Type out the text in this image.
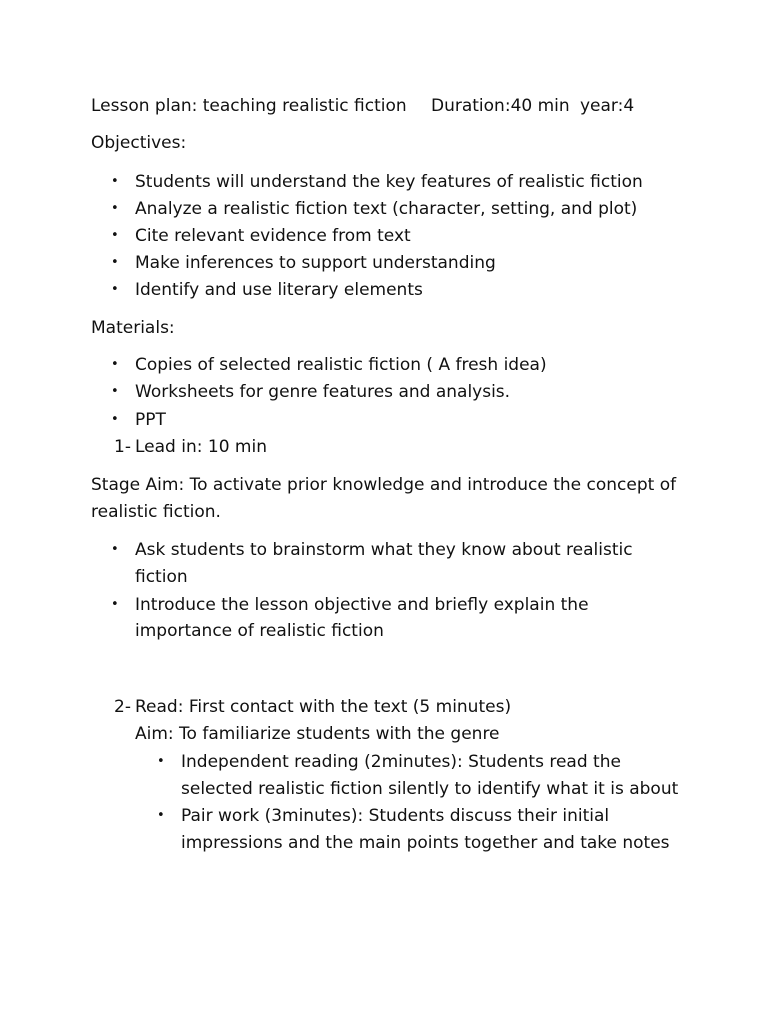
Lesson plan: teaching realistic fiction Duration:40 min year:4
Objectives:
• Students will understand the key features of realistic fiction
• Analyze a realistic fiction text (character, setting, and plot)
• Cite relevant evidence from text
• Make inferences to support understanding
• Identify and use literary elements
Materials:
• Copies of selected realistic fiction ( A fresh idea)
• Worksheets for genre features and analysis.
• PPT
1- Lead in: 10 min
Stage Aim: To activate prior knowledge and introduce the concept of
realistic fiction.
• Ask students to brainstorm what they know about realistic
fiction
• Introduce the lesson objective and briefly explain the
importance of realistic fiction
2- Read: First contact with the text (5 minutes)
Aim: To familiarize students with the genre
• Independent reading (2minutes): Students read the
selected realistic fiction silently to identify what it is about
• Pair work (3minutes): Students discuss their initial
impressions and the main points together and take notes
